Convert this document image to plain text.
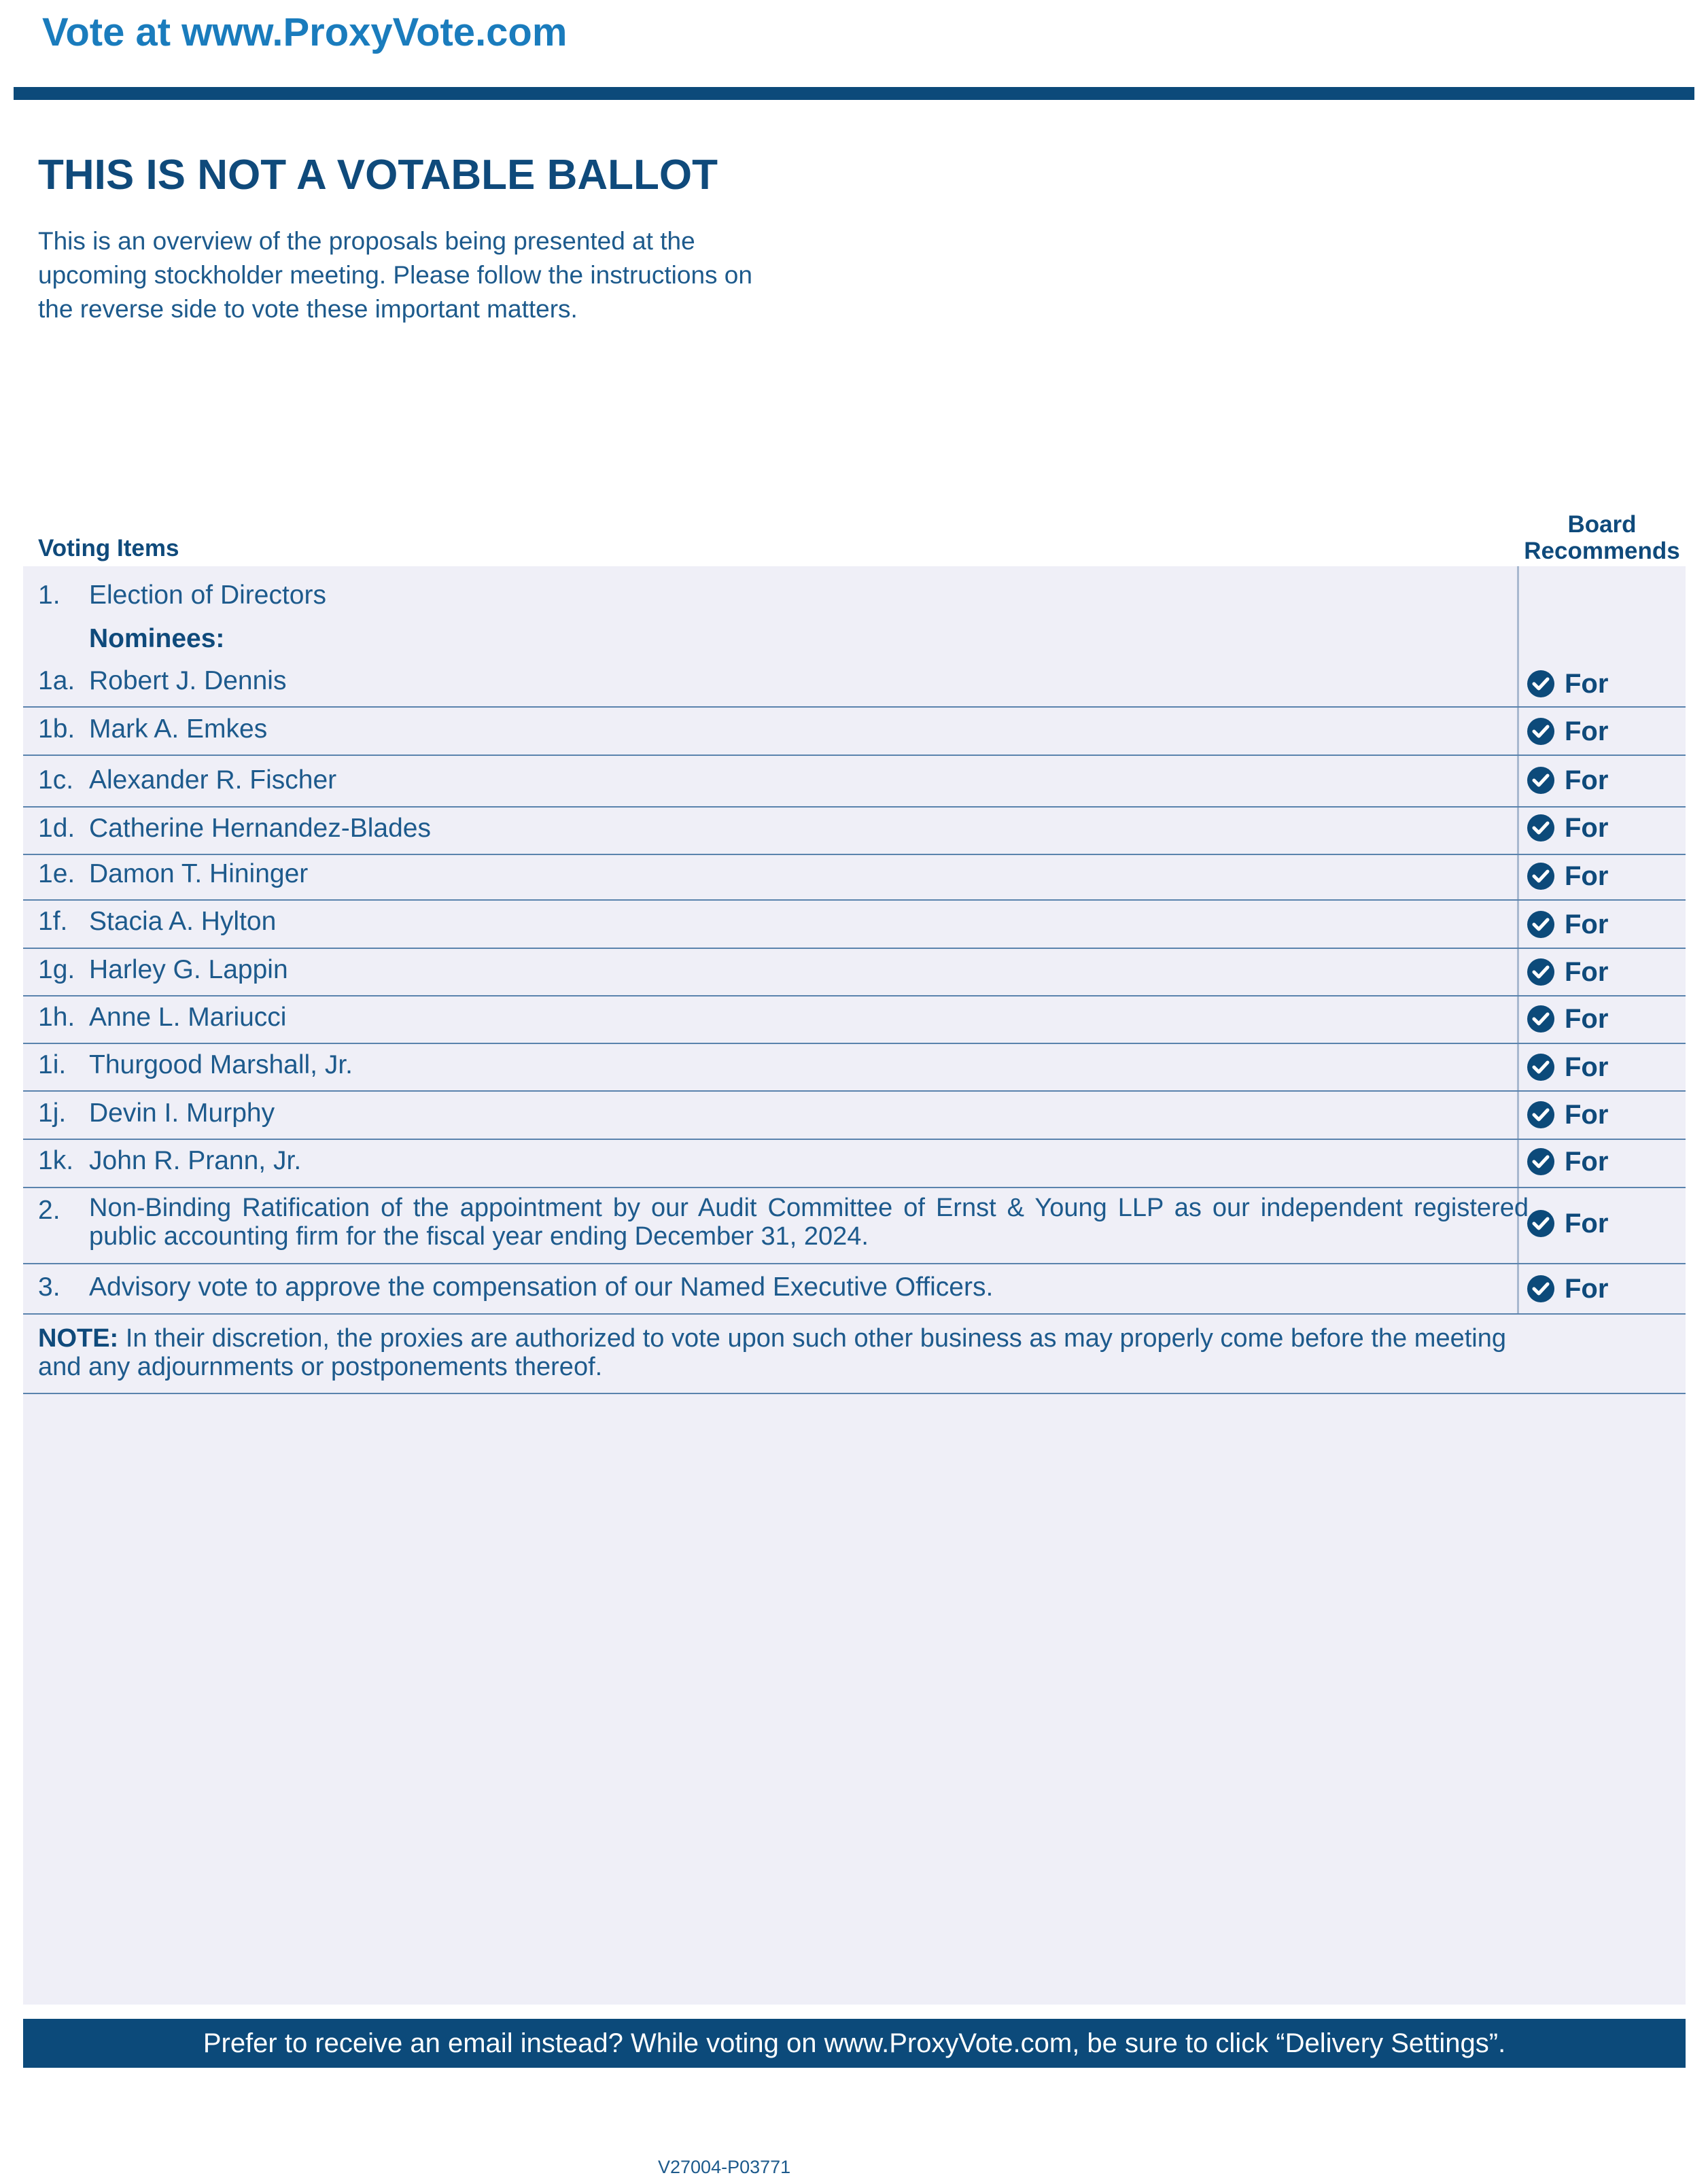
Vote at www.ProxyVote.com
THIS IS NOT A VOTABLE BALLOT
This is an overview of the proposals being presented at the
upcoming stockholder meeting. Please follow the instructions on
the reverse side to vote these important matters.
Voting Items
Board
Recommends
1. Election of Directors
Nominees:
1a. Robert J. Dennis	For
1b. Mark A. Emkes	For
1c. Alexander R. Fischer	For
1d. Catherine Hernandez-Blades	For
1e. Damon T. Hininger	For
1f. Stacia A. Hylton	For
1g. Harley G. Lappin	For
1h. Anne L. Mariucci	For
1i. Thurgood Marshall, Jr.	For
1j. Devin I. Murphy	For
1k. John R. Prann, Jr.	For
2. Non-Binding Ratification of the appointment by our Audit Committee of Ernst & Young LLP as our independent registered public accounting firm for the fiscal year ending December 31, 2024.	For
3. Advisory vote to approve the compensation of our Named Executive Officers.	For
NOTE: In their discretion, the proxies are authorized to vote upon such other business as may properly come before the meeting and any adjournments or postponements thereof.
Prefer to receive an email instead? While voting on www.ProxyVote.com, be sure to click “Delivery Settings”.
V27004-P03771
